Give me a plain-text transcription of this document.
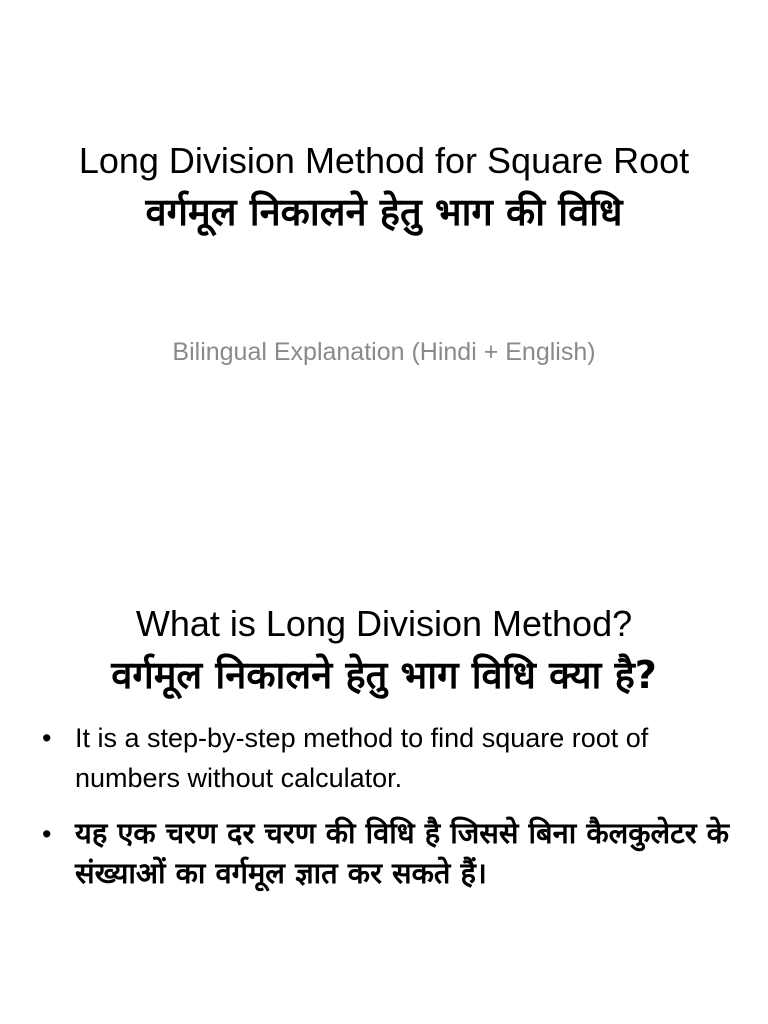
Long Division Method for Square Root
वर्गमूल निकालने हेतु भाग की विधि

Bilingual Explanation (Hindi + English)

What is Long Division Method?
वर्गमूल निकालने हेतु भाग विधि क्या है?
• It is a step-by-step method to find square root of numbers without calculator.
• यह एक चरण दर चरण की विधि है जिससे बिना कैलकुलेटर के संख्याओं का वर्गमूल ज्ञात कर सकते हैं।
